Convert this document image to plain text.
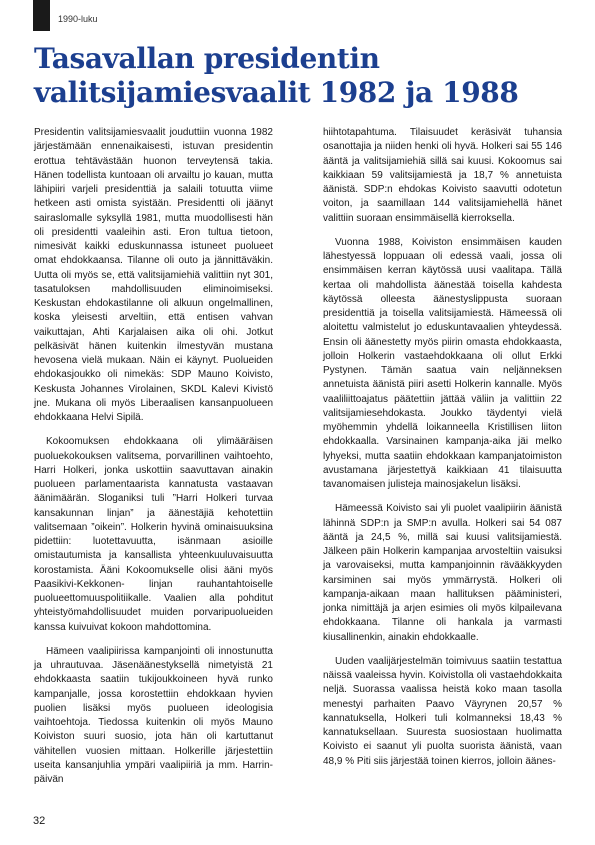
1990-luku
Tasavallan presidentin
valitsijamiesvaalit 1982 ja 1988

Presidentin valitsijamiesvaalit jouduttiin vuonna 1982 järjestämään ennenaikaisesti, istuvan presidentin erottua tehtävästään huonon terveytensä takia. Hänen todellista kuntoaan oli arvailtu jo kauan, mutta lähipiiri varjeli presidenttiä ja salaili totuutta viime hetkeen asti omista syistään. Presidentti oli jäänyt sairaslomalle syksyllä 1981, mutta muodollisesti hän oli presidentti vaaleihin asti. Eron tultua tietoon, nimesivät kaikki eduskunnassa istuneet puolueet omat ehdokkaansa. Tilanne oli outo ja jännittäväkin. Uutta oli myös se, että valitsijamiehiä valittiin nyt 301, tasatuloksen mahdollisuuden eliminoimiseksi. Keskustan ehdokastilanne oli alkuun ongelmallinen, koska yleisesti arveltiin, että entisen vahvan vaikuttajan, Ahti Karjalaisen aika oli ohi. Jotkut pelkäsivät hänen kuitenkin ilmestyvän mustana hevosena vielä mukaan. Näin ei käynyt. Puolueiden ehdokasjoukko oli nimekäs: SDP Mauno Koivisto, Keskusta Johannes Virolainen, SKDL Kalevi Kivistö jne. Mukana oli myös Liberaalisen kansanpuolueen ehdokkaana Helvi Sipilä.

Kokoomuksen ehdokkaana oli ylimääräisen puoluekokouksen valitsema, porvarillinen vaihtoehto, Harri Holkeri, jonka uskottiin saavuttavan ainakin puolueen parlamentaarista kannatusta vastaavan äänimäärän. Sloganiksi tuli ”Harri Holkeri turvaa kansakunnan linjan” ja äänestäjiä kehotettiin valitsemaan ”oikein”. Holkerin hyvinä ominaisuuksina pidettiin: luotettavuutta, isänmaan asioille omistautumista ja kansallista yhteenkuuluvaisuutta korostamista. Ääni Kokoomukselle olisi ääni myös Paasikivi-Kekkonen- linjan rauhantahtoiselle puolueettomuuspolitiikalle. Vaalien alla pohditut yhteistyömahdollisuudet muiden porvaripuolueiden kanssa kuivuivat kokoon mahdottomina.

Hämeen vaalipiirissa kampanjointi oli innostunutta ja uhrautuvaa. Jäsenäänestyksellä nimetyistä 21 ehdokkaasta saatiin tukijoukkoineen hyvä runko kampanjalle, jossa korostettiin ehdokkaan hyvien puolien lisäksi myös puolueen ideologisia vaihtoehtoja. Tiedossa kuitenkin oli myös Mauno Koiviston suuri suosio, jota hän oli kartuttanut vähitellen vuosien mittaan. Holkerille järjestettiin useita kansanjuhlia ympäri vaalipiiriä ja mm. Harrin-päivän

hiihtotapahtuma. Tilaisuudet keräsivät tuhansia osanottajia ja niiden henki oli hyvä. Holkeri sai 55 146 ääntä ja valitsijamiehiä sillä sai kuusi. Kokoomus sai kaikkiaan 59 valitsijamiestä ja 18,7 % annetuista äänistä. SDP:n ehdokas Koivisto saavutti odotetun voiton, ja saamillaan 144 valitsijamiehellä hänet valittiin suoraan ensimmäisellä kierroksella.

Vuonna 1988, Koiviston ensimmäisen kauden lähestyessä loppuaan oli edessä vaali, jossa oli ensimmäisen kerran käytössä uusi vaalitapa. Tällä kertaa oli mahdollista äänestää toisella kahdesta käytössä olleesta äänestyslippusta suoraan presidenttiä ja toisella valitsijamiestä. Hämeessä oli aloitettu valmistelut jo eduskuntavaalien yhteydessä. Ensin oli äänestetty myös piirin omasta ehdokkaasta, jolloin Holkerin vastaehdokkaana oli ollut Erkki Pystynen. Tämän saatua vain neljänneksen annetuista äänistä piiri asetti Holkerin kannalle. Myös vaaliliittoajatus päätettiin jättää väliin ja valittiin 22 valitsijamiesehdokasta. Joukko täydentyi vielä myöhemmin yhdellä loikanneella Kristillisen liiton ehdokkaalla. Varsinainen kampanja-aika jäi melko lyhyeksi, mutta saatiin ehdokkaan kampanjatoimiston avustamana järjestettyä kaikkiaan 41 tilaisuutta tavanomaisen julisteja mainosjakelun lisäksi.

Hämeessä Koivisto sai yli puolet vaalipiirin äänistä lähinnä SDP:n ja SMP:n avulla. Holkeri sai 54 087 ääntä ja 24,5 %, millä sai kuusi valitsijamiestä. Jälkeen päin Holkerin kampanjaa arvosteltiin vaisuksi ja varovaiseksi, mutta kampanjoinnin rävääkkyyden karsiminen sai myös ymmärrystä. Holkeri oli kampanja-aikaan maan hallituksen pääministeri, jonka nimittäjä ja arjen esimies oli myös kilpailevana ehdokkaana. Tilanne oli hankala ja varmasti kiusallinenkin, ainakin ehdokkaalle.

Uuden vaalijärjestelmän toimivuus saatiin testattua näissä vaaleissa hyvin. Koivistolla oli vastaehdokkaita neljä. Suorassa vaalissa heistä koko maan tasolla menestyi parhaiten Paavo Väyrynen 20,57 % kannatuksella, Holkeri tuli kolmanneksi 18,43 % kannatuksellaan. Suuresta suosiostaan huolimatta Koivisto ei saanut yli puolta suorista äänistä, vaan 48,9 % Piti siis järjestää toinen kierros, jolloin äänes-

32
